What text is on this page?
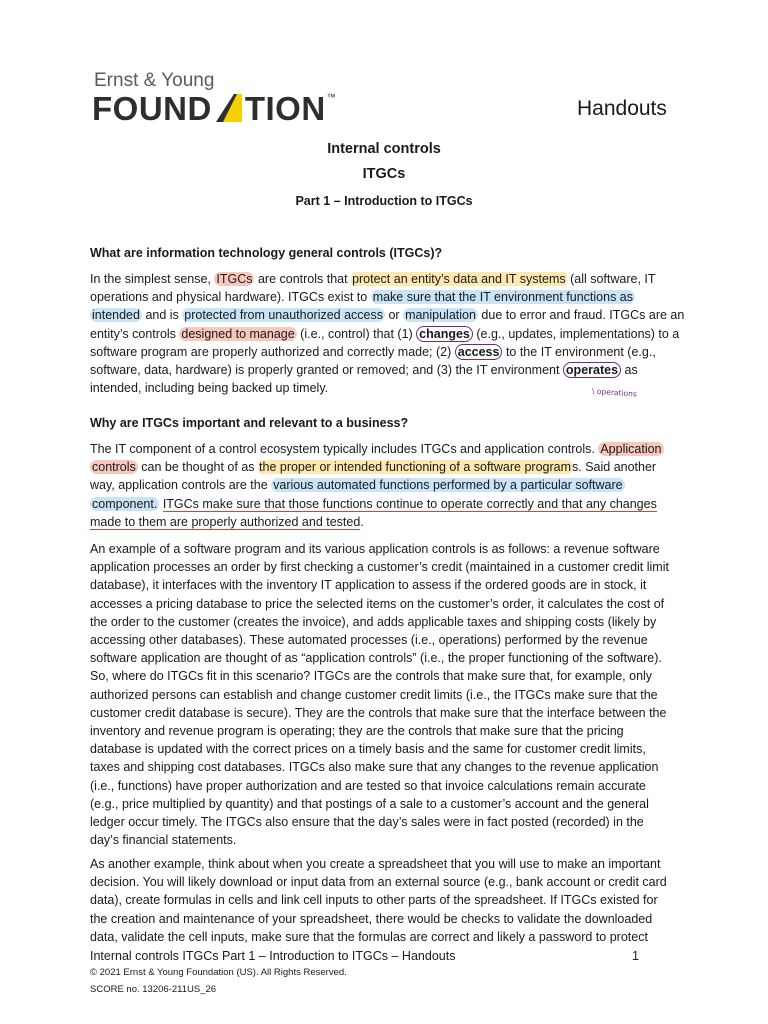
Ernst & Young
FOUND TION™	Handouts
Internal controls
ITGCs
Part 1 – Introduction to ITGCs
What are information technology general controls (ITGCs)?
In the simplest sense, ITGCs are controls that protect an entity’s data and IT systems (all software, IT
operations and physical hardware). ITGCs exist to make sure that the IT environment functions as
intended and is protected from unauthorized access or manipulation due to error and fraud. ITGCs are an
entity’s controls designed to manage (i.e., control) that (1) changes (e.g., updates, implementations) to a
software program are properly authorized and correctly made; (2) access to the IT environment (e.g.,
software, data, hardware) is properly granted or removed; and (3) the IT environment operates as
intended, including being backed up timely.	\ operations
Why are ITGCs important and relevant to a business?
The IT component of a control ecosystem typically includes ITGCs and application controls. Application
controls can be thought of as the proper or intended functioning of a software programs. Said another
way, application controls are the various automated functions performed by a particular software
component. ITGCs make sure that those functions continue to operate correctly and that any changes
made to them are properly authorized and tested.
An example of a software program and its various application controls is as follows: a revenue software
application processes an order by first checking a customer’s credit (maintained in a customer credit limit
database), it interfaces with the inventory IT application to assess if the ordered goods are in stock, it
accesses a pricing database to price the selected items on the customer’s order, it calculates the cost of
the order to the customer (creates the invoice), and adds applicable taxes and shipping costs (likely by
accessing other databases). These automated processes (i.e., operations) performed by the revenue
software application are thought of as “application controls” (i.e., the proper functioning of the software).
So, where do ITGCs fit in this scenario? ITGCs are the controls that make sure that, for example, only
authorized persons can establish and change customer credit limits (i.e., the ITGCs make sure that the
customer credit database is secure). They are the controls that make sure that the interface between the
inventory and revenue program is operating; they are the controls that make sure that the pricing
database is updated with the correct prices on a timely basis and the same for customer credit limits,
taxes and shipping cost databases. ITGCs also make sure that any changes to the revenue application
(i.e., functions) have proper authorization and are tested so that invoice calculations remain accurate
(e.g., price multiplied by quantity) and that postings of a sale to a customer’s account and the general
ledger occur timely. The ITGCs also ensure that the day’s sales were in fact posted (recorded) in the
day’s financial statements.
As another example, think about when you create a spreadsheet that you will use to make an important
decision. You will likely download or input data from an external source (e.g., bank account or credit card
data), create formulas in cells and link cell inputs to other parts of the spreadsheet. If ITGCs existed for
the creation and maintenance of your spreadsheet, there would be checks to validate the downloaded
data, validate the cell inputs, make sure that the formulas are correct and likely a password to protect
Internal controls ITGCs Part 1 – Introduction to ITGCs – Handouts	1
© 2021 Ernst & Young Foundation (US). All Rights Reserved.
SCORE no. 13206-211US_26
